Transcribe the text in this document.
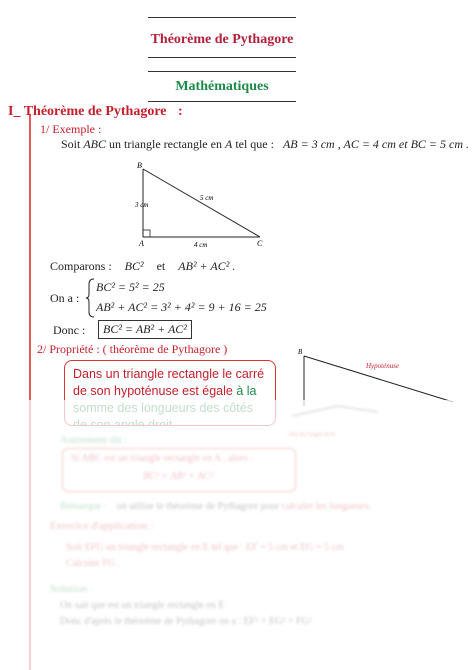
Théorème de Pythagore
Mathématiques
I_ Théorème de Pythagore :
1/ Exemple :
Soit ABC un triangle rectangle en A tel que : AB = 3 cm , AC = 4 cm et BC = 5 cm .
B
A	C
3 cm
4 cm
5 cm
Comparons : BC² et AB² + AC² .
On a :
BC² = 5² = 25
AB² + AC² = 3² + 4² = 9 + 16 = 25
Donc :	BC² = AB² + AC²
2/ Propriété : ( théorème de Pythagore )	B
Hypoténuse
Dans un triangle rectangle le carré de son hypoténuse est égale à la
